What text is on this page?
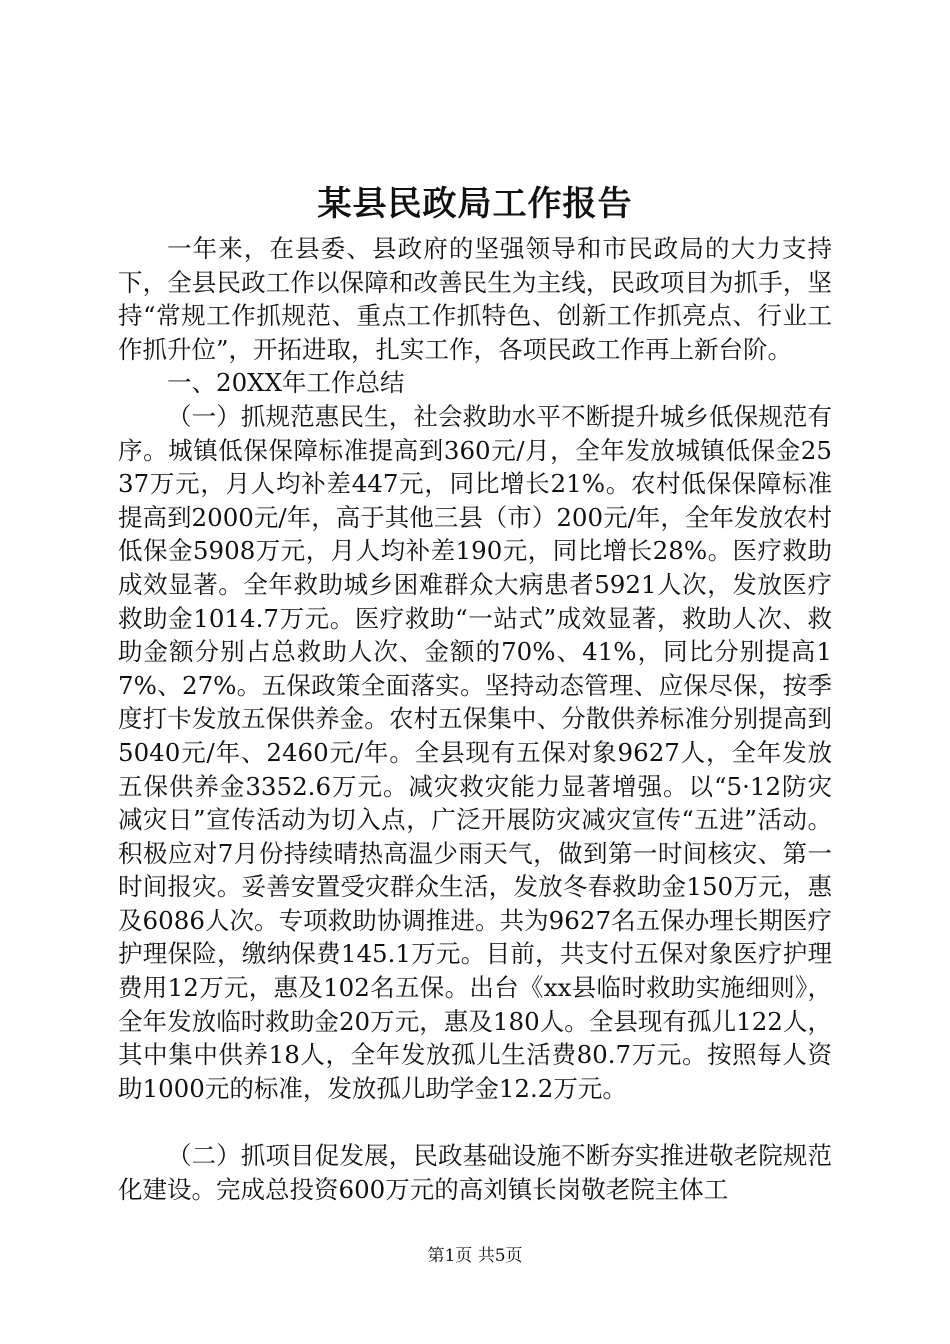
某县民政局工作报告

一年来，在县委、县政府的坚强领导和市民政局的大力支持下，全县民政工作以保障和改善民生为主线，民政项目为抓手，坚持“常规工作抓规范、重点工作抓特色、创新工作抓亮点、行业工作抓升位”，开拓进取，扎实工作，各项民政工作再上新台阶。

一、20XX年工作总结

（一）抓规范惠民生，社会救助水平不断提升城乡低保规范有序。城镇低保保障标准提高到360元/月，全年发放城镇低保金2537万元，月人均补差447元，同比增长21%。农村低保保障标准提高到2000元/年，高于其他三县（市）200元/年，全年发放农村低保金5908万元，月人均补差190元，同比增长28%。医疗救助成效显著。全年救助城乡困难群众大病患者5921人次，发放医疗救助金1014.7万元。医疗救助“一站式”成效显著，救助人次、救助金额分别占总救助人次、金额的70%、41%，同比分别提高17%、27%。五保政策全面落实。坚持动态管理、应保尽保，按季度打卡发放五保供养金。农村五保集中、分散供养标准分别提高到5040元/年、2460元/年。全县现有五保对象9627人，全年发放五保供养金3352.6万元。减灾救灾能力显著增强。以“5·12防灾减灾日”宣传活动为切入点，广泛开展防灾减灾宣传“五进”活动。积极应对7月份持续晴热高温少雨天气，做到第一时间核灾、第一时间报灾。妥善安置受灾群众生活，发放冬春救助金150万元，惠及6086人次。专项救助协调推进。共为9627名五保办理长期医疗护理保险，缴纳保费145.1万元。目前，共支付五保对象医疗护理费用12万元，惠及102名五保。出台《xx县临时救助实施细则》，全年发放临时救助金20万元，惠及180人。全县现有孤儿122人，其中集中供养18人，全年发放孤儿生活费80.7万元。按照每人资助1000元的标准，发放孤儿助学金12.2万元。

（二）抓项目促发展，民政基础设施不断夯实推进敬老院规范化建设。完成总投资600万元的高刘镇长岗敬老院主体工

第1页 共5页
